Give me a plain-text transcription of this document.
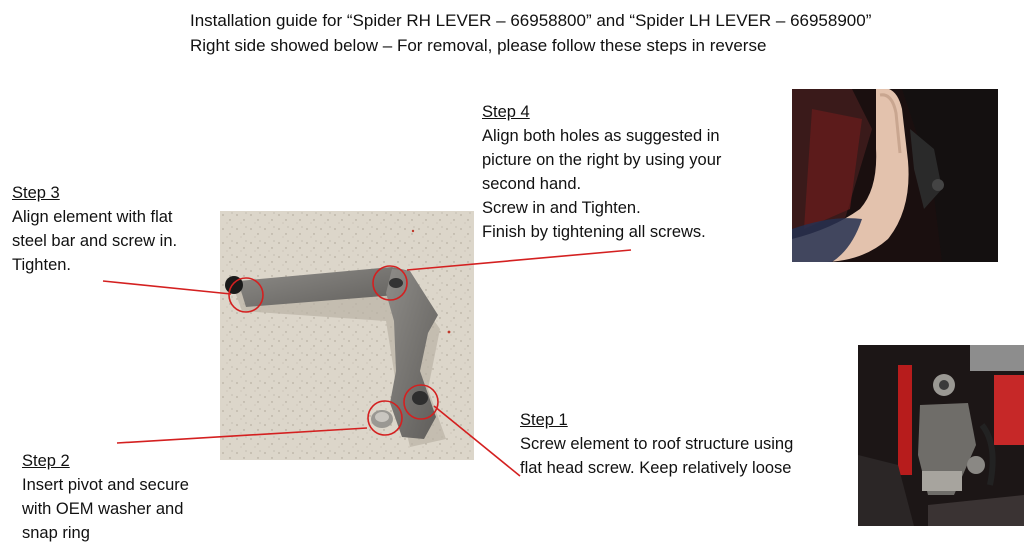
Installation guide for “Spider RH LEVER – 66958800” and “Spider LH LEVER – 66958900”
Right side showed below – For removal, please follow these steps in reverse
Step 3
Align element with flat
steel bar and screw in.
Tighten.
Step 4
Align both holes as suggested in
picture on the right by using your
second hand.
Screw in and Tighten.
Finish by tightening all screws.
Step 1
Screw element to roof structure using
flat head screw. Keep relatively loose
Step 2
Insert pivot and secure
with OEM washer and
snap ring
